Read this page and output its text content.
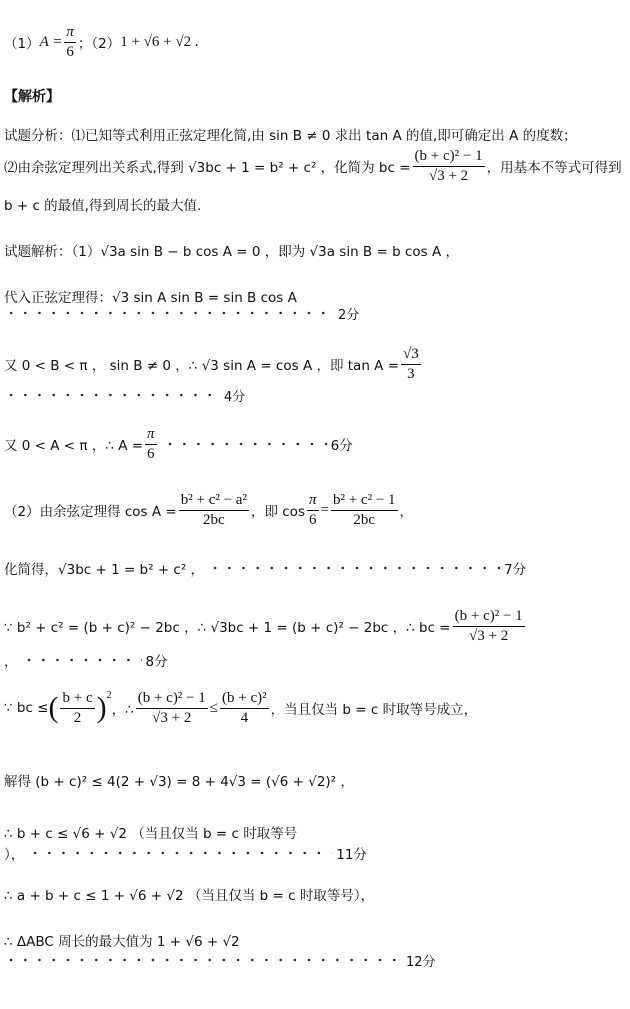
（1） $A = \frac{\pi}{6}$ ；（2） 1 + √6 + √2 .
【解析】
试题分析： ⑴已知等式利用正弦定理化简,由 sin B ≠ 0 求出 tan A 的值,即可确定出 A 的度数；
⑵由余弦定理列出关系式,得到 √3bc + 1 = b² + c² ，化简为 bc = $\frac{\text{(b + c)² − 1}}{√3 + 2}$ ，用基本不等式可得到
b + c 的最值,得到周长的最大值.
试题解析：（1）√3a sin B − b cos A = 0 ，即为 √3a sin B = b cos A ，
代入正弦定理得：√3 sin A sin B = sin B cos A
2分
又 0 < B < π ， sin B ≠ 0 ，∴ √3 sin A = cos A ，即 $\tan A = \frac{√3}{3}$
4分
又 0 < A < π ，∴ $A = \frac{\pi}{6}$	6分
（2）由余弦定理得 $\cos A = \frac{\text{b² + c² − a²}}{2bc}$ ，即 $\cos \frac{\pi}{6} = \frac{\text{b² + c² − 1}}{2bc}$ ，
化简得，√3bc + 1 = b² + c² ，	7分
∵ b² + c² = (b + c)² − 2bc ，∴ √3bc + 1 = (b + c)² − 2bc ，∴ bc = $\frac{\text{(b + c)² − 1}}{√3 + 2}$
，	8分
∵ bc ≤ ( $\frac{b + c}{2} )^2$
，∴ $\frac{\text{(b + c)² − 1}}{√3 + 2} \le \frac{\text{(b + c)²}}{4}$ ，当且仅当 b = c 时取等号成立，
解得 (b + c)² ≤ 4(2 + √3) = 8 + 4√3 = (√6 + √2)² ，
∴ b + c ≤ √6 + √2 （当且仅当 b = c 时取等号
），	11分
∴ a + b + c ≤ 1 + √6 + √2 （当且仅当 b = c 时取等号），
∴ ΔABC 周长的最大值为 1 + √6 + √2
12分
